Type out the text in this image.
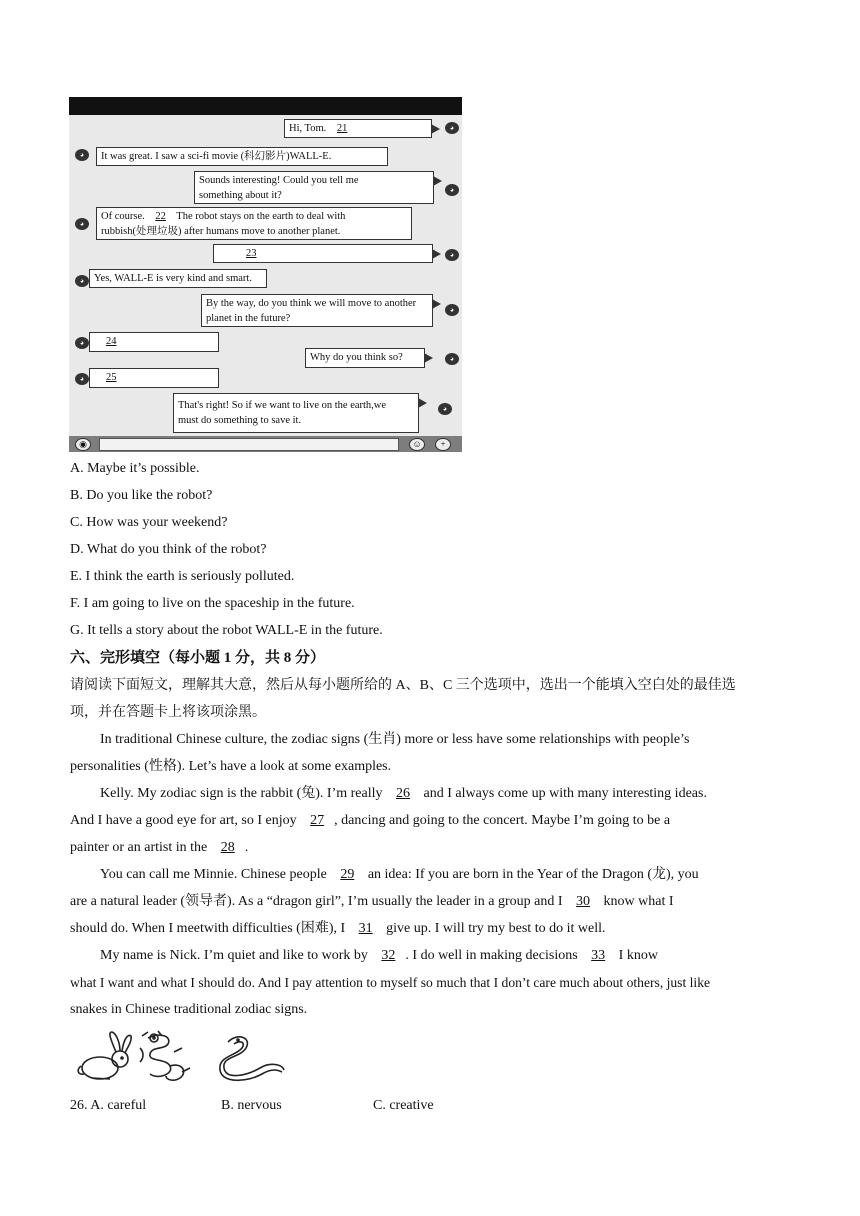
Hi, Tom. 21	◕
◕	It was great. I saw a sci-fi movie (科幻影片)WALL-E.
Sounds interesting! Could you tell me
something about it?	◕
◕
Of course. 22 The robot stays on the earth to deal with
rubbish(处理垃圾) after humans move to another planet.
23	◕
◕ Yes, WALL-E is very kind and smart.
By the way, do you think we will move to another
planet in the future?
◕
◕	24
Why do you think so?	◕
◕	25
That's right! So if we want to live on the earth,we
must do something to save it.
◕
◉	☺	+
A. Maybe it’s possible.
B. Do you like the robot?
C. How was your weekend?
D. What do you think of the robot?
E. I think the earth is seriously polluted.
F. I am going to live on the spaceship in the future.
G. It tells a story about the robot WALL-E in the future.
六、完形填空（每小题 1 分，共 8 分）
请阅读下面短文，理解其大意，然后从每小题所给的 A、B、C 三个选项中，选出一个能填入空白处的最佳选
项，并在答题卡上将该项涂黑。
In traditional Chinese culture, the zodiac signs (生肖) more or less have some relationships with people’s
personalities (性格). Let’s have a look at some examples.
Kelly. My zodiac sign is the rabbit (兔). I’m really 26 and I always come up with many interesting ideas.
And I have a good eye for art, so I enjoy 27 , dancing and going to the concert. Maybe I’m going to be a
painter or an artist in the 28 .
You can call me Minnie. Chinese people 29 an idea: If you are born in the Year of the Dragon (龙), you
are a natural leader (领导者). As a “dragon girl”, I’m usually the leader in a group and I 30 know what I
should do. When I meetwith difficulties (困难), I 31 give up. I will try my best to do it well.
My name is Nick. I’m quiet and like to work by 32 . I do well in making decisions 33 I know
what I want and what I should do. And I pay attention to myself so much that I don’t care much about others, just like
snakes in Chinese traditional zodiac signs.
26. A. careful	B. nervous	C. creative
